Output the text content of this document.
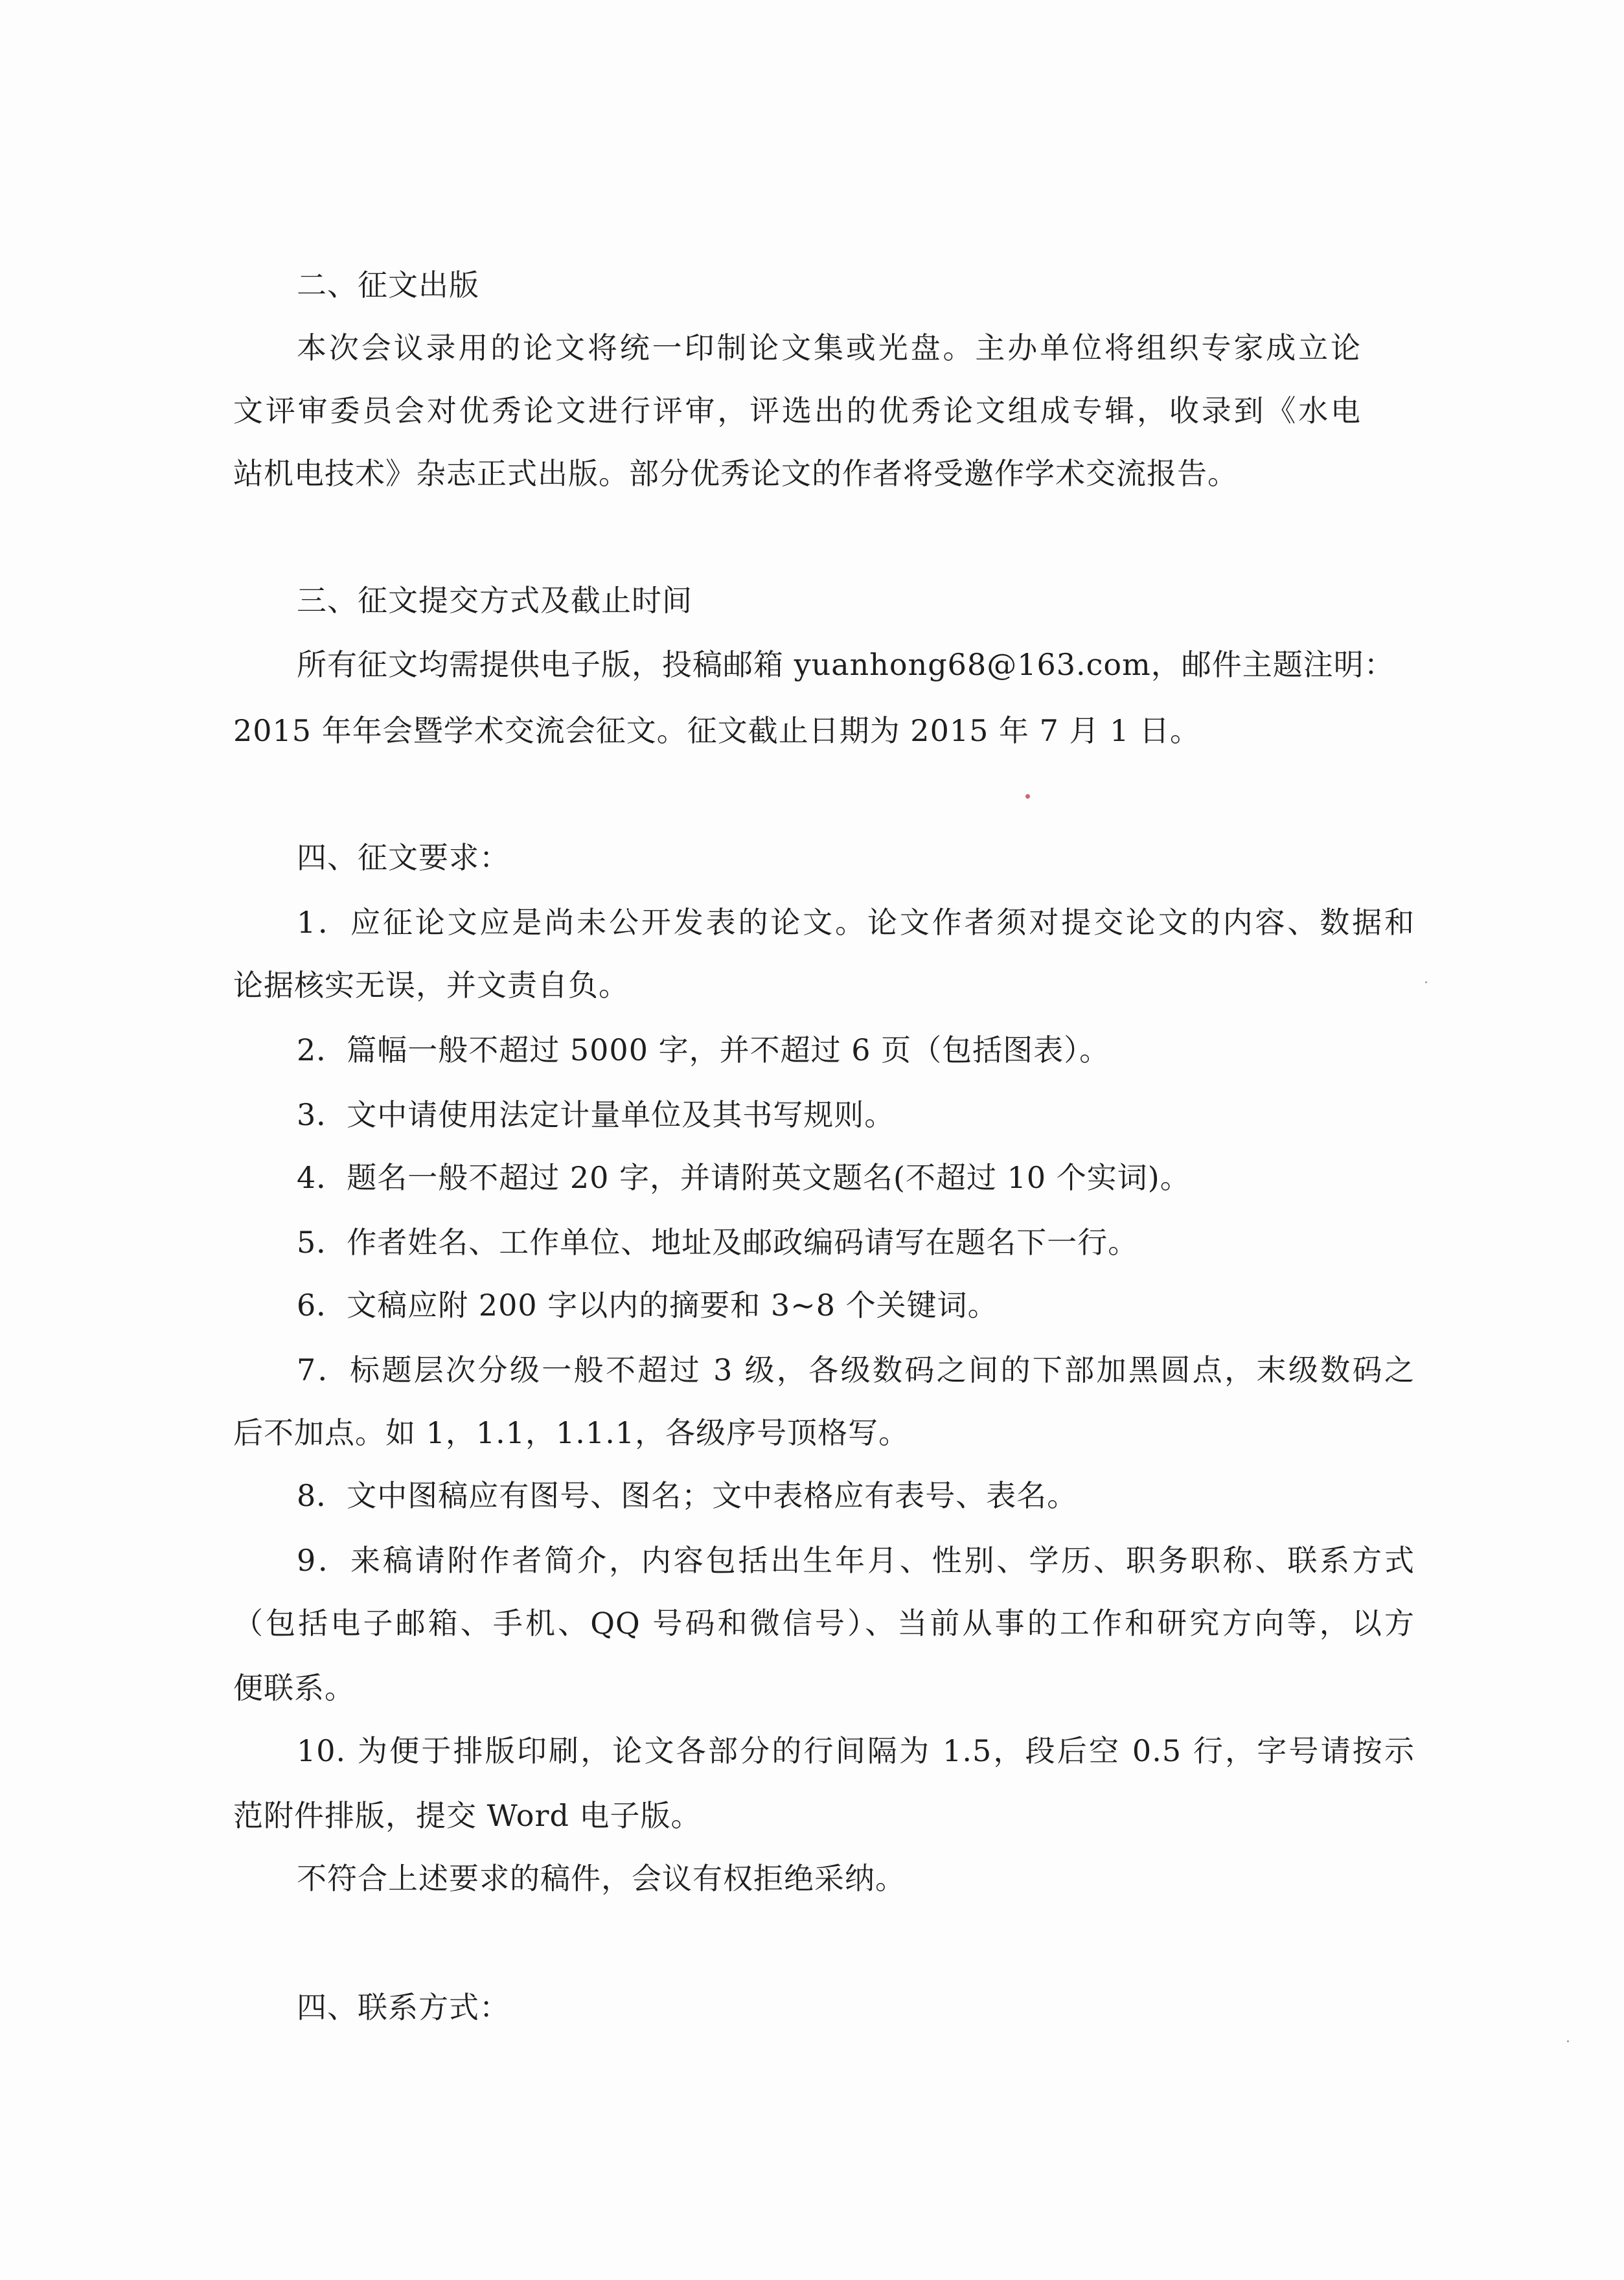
二、征文出版
本次会议录用的论文将统一印制论文集或光盘。主办单位将组织专家成立论
文评审委员会对优秀论文进行评审，评选出的优秀论文组成专辑，收录到《水电
站机电技术》杂志正式出版。部分优秀论文的作者将受邀作学术交流报告。
三、征文提交方式及截止时间
所有征文均需提供电子版，投稿邮箱 yuanhong68@163.com，邮件主题注明：
2015 年年会暨学术交流会征文。征文截止日期为 2015 年 7 月 1 日。
四、征文要求：
1．应征论文应是尚未公开发表的论文。论文作者须对提交论文的内容、数据和
论据核实无误，并文责自负。
2．篇幅一般不超过 5000 字，并不超过 6 页（包括图表）。
3．文中请使用法定计量单位及其书写规则。
4．题名一般不超过 20 字，并请附英文题名(不超过 10 个实词)。
5．作者姓名、工作单位、地址及邮政编码请写在题名下一行。
6．文稿应附 200 字以内的摘要和 3~8 个关键词。
7．标题层次分级一般不超过 3 级，各级数码之间的下部加黑圆点，末级数码之
后不加点。如 1，1.1，1.1.1，各级序号顶格写。
8．文中图稿应有图号、图名；文中表格应有表号、表名。
9．来稿请附作者简介，内容包括出生年月、性别、学历、职务职称、联系方式
（包括电子邮箱、手机、QQ 号码和微信号）、当前从事的工作和研究方向等，以方
便联系。
10. 为便于排版印刷，论文各部分的行间隔为 1.5，段后空 0.5 行，字号请按示
范附件排版，提交 Word 电子版。
不符合上述要求的稿件，会议有权拒绝采纳。
四、联系方式：
